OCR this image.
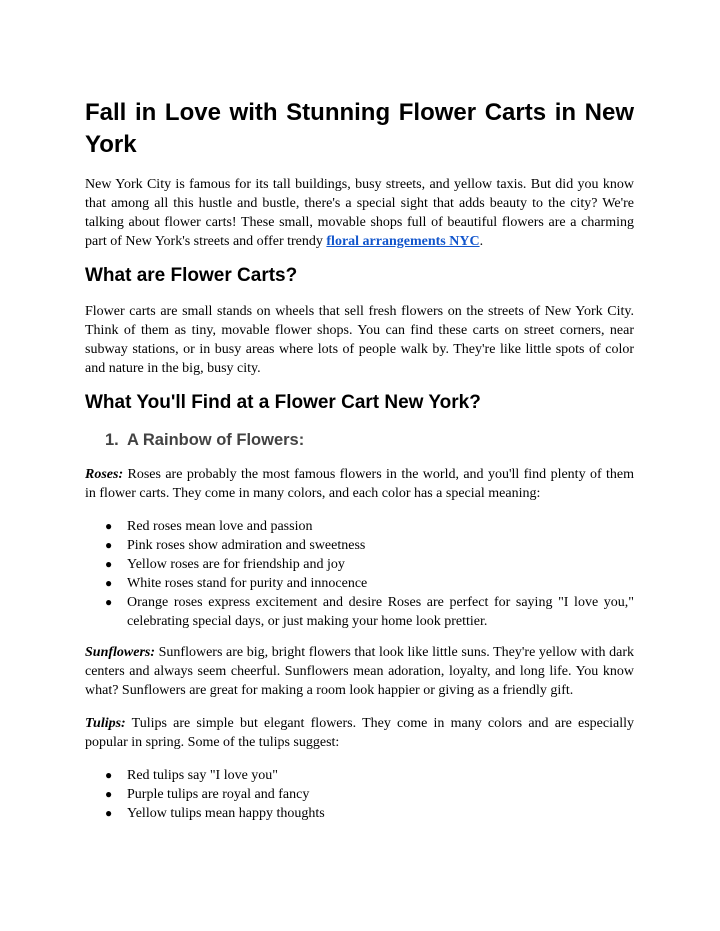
Fall in Love with Stunning Flower Carts in New York

New York City is famous for its tall buildings, busy streets, and yellow taxis. But did you know that among all this hustle and bustle, there's a special sight that adds beauty to the city? We're talking about flower carts! These small, movable shops full of beautiful flowers are a charming part of New York's streets and offer trendy floral arrangements NYC.

What are Flower Carts?

Flower carts are small stands on wheels that sell fresh flowers on the streets of New York City. Think of them as tiny, movable flower shops. You can find these carts on street corners, near subway stations, or in busy areas where lots of people walk by. They're like little spots of color and nature in the big, busy city.

What You'll Find at a Flower Cart New York?
1. A Rainbow of Flowers:

Roses: Roses are probably the most famous flowers in the world, and you'll find plenty of them in flower carts. They come in many colors, and each color has a special meaning:

● Red roses mean love and passion
● Pink roses show admiration and sweetness
● Yellow roses are for friendship and joy
● White roses stand for purity and innocence
● Orange roses express excitement and desire Roses are perfect for saying "I love you," celebrating special days, or just making your home look prettier.

Sunflowers: Sunflowers are big, bright flowers that look like little suns. They're yellow with dark centers and always seem cheerful. Sunflowers mean adoration, loyalty, and long life. You know what? Sunflowers are great for making a room look happier or giving as a friendly gift.

Tulips: Tulips are simple but elegant flowers. They come in many colors and are especially popular in spring. Some of the tulips suggest:

● Red tulips say "I love you"
● Purple tulips are royal and fancy
● Yellow tulips mean happy thoughts
